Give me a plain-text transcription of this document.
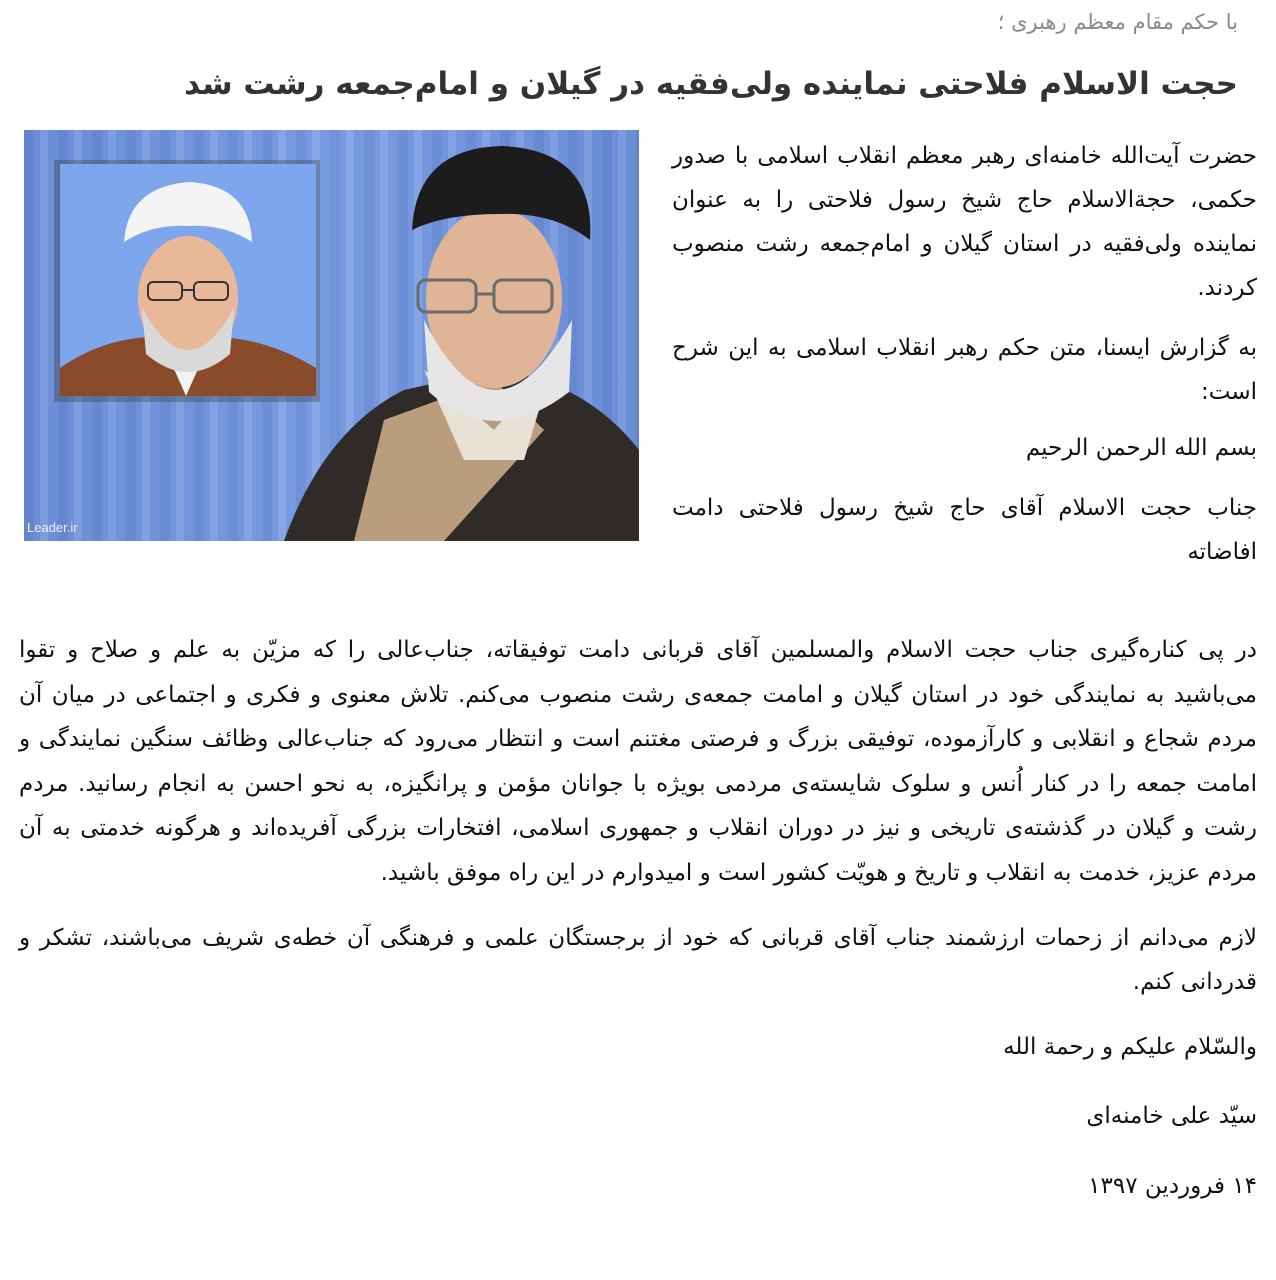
با حکم مقام معظم رهبری ؛
حجت الاسلام فلاحتی نماینده ولی‌فقیه در گیلان و امام‌جمعه رشت شد
Leader.ir

حضرت آیت‌الله خامنه‌ای رهبر معظم انقلاب اسلامی با صدور حکمی، حجة‌الاسلام حاج شیخ رسول فلاحتی را به عنوان نماینده ولی‌فقیه در استان گیلان و امام‌جمعه رشت منصوب کردند.

به گزارش ایسنا، متن حکم رهبر انقلاب اسلامی به این شرح است:

بسم الله الرحمن الرحیم

جناب حجت الاسلام آقای حاج شیخ رسول فلاحتی دامت افاضاته

در پی کناره‌گیری جناب حجت الاسلام والمسلمین آقای قربانی دامت توفیقاته، جناب‌عالی را که مزیّن به علم و صلاح و تقوا می‌باشید به نمایندگی خود در استان گیلان و امامت جمعه‌ی رشت منصوب می‌کنم. تلاش معنوی و فکری و اجتماعی در میان آن مردم شجاع و انقلابی و کارآزموده، توفیقی بزرگ و فرصتی مغتنم است و انتظار می‌رود که جناب‌عالی وظائف سنگین نمایندگی و امامت جمعه را در کنار اُنس و سلوک شایسته‌ی مردمی بویژه با جوانان مؤمن و پرانگیزه، به نحو احسن به انجام رسانید. مردم رشت و گیلان در گذشته‌ی تاریخی و نیز در دوران انقلاب و جمهوری اسلامی، افتخارات بزرگی آفریده‌اند و هرگونه خدمتی به آن مردم عزیز، خدمت به انقلاب و تاریخ و هویّت کشور است و امیدوارم در این راه موفق باشید.

لازم می‌دانم از زحمات ارزشمند جناب آقای قربانی که خود از برجستگان علمی و فرهنگی آن خطه‌ی شریف می‌باشند، تشکر و قدردانی کنم.

والسّلام علیکم و رحمة الله

سیّد علی خامنه‌ای

۱۴ فروردین ۱۳۹۷
